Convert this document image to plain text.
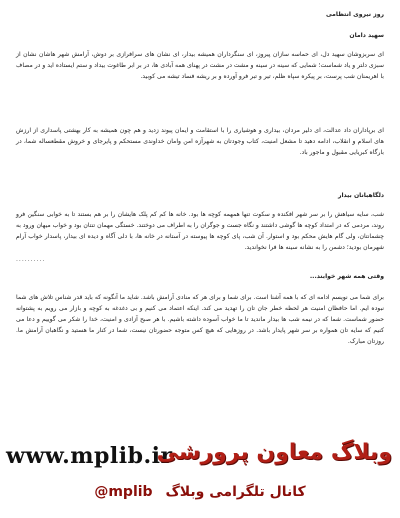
روز نیروی انتظامی
سهید دامان
ای سربزوشان سهید دل، ای حماسه سازان پیروز، ای سنگرداران همیشه بیدار، ای نشان های سرافرازی بر دوش، آرامش شهر هاشان نشان از سبزی دلتر و یاد شماست؛ شمایی که سینه در سینه و مشت در مشت در پهنای همه آبادی ها، در بر ابر طاغوت بیداد و ستم ایستاده اید و در مصاف با اهریمنان شب پرست، بر پیکره سپاه ظلم، تیر و تبر فرو آورده و بر ریشه فساد تیشه می کوبید.
ای برپاداران داد عدالت، ای دلیر مردان، بیداری و هوشیاری را با استقامت و ایمان پیوند زدید و هم چون همیشه به کار بهشتی پاسداری از ارزش های اسلام و انقلاب، ادامه دهید تا مشعل امنیت، کتاب وجودتان به شهرآزه امن وامان خداوندی مستحکم و پایرجای و خروش مقطعساله شما، در بارگاه کبریایی مقبول و ماجور باد.
دلگاهبانان بیدار
شب، سایه سیاهش را بر سر شهر افکنده و سکوت تنها همهمه کوچه ها بود. خانه ها کم کم پلک هایشان را بر هم بستند تا به خوابی سنگین فرو روند، مردمی که در امتداد کوچه ها گوشی داشتند و نگاه جست و جوگران را به اطراف می دوختند. خستگی مهمان تنتان بود و خواب میهان ورود به چشمانتان، ولی گام هایش محکم بود و استوار. آن شب، پای کوچه ها پیوسته در آستانه در خانه ها، با دلی آگاه و دیده ای بیدار، پاسدار خواب آرام شهرمان بودید؛ دشمن را به نشانه سینه ها فرا نخواندید.
..........
وقتی همه شهر خوابند...
برای شما می نویسم ادامه ای که با همه آشنا است. برای شما و برای هر که منادی آرامش باشد. شاید ما آنگونه که باید قدر شناس تلاش های شما نبوده ایم. اما حافظان امنیت هر لحظه خطر جان تان را تهدید می کند. اینکه اعتماد می کنیم و بی دغدغه به کوچه و بازار می رویم به پشتوانه حضور شماست. شما که در نیمه شب ها بیدار ماندید تا ما خواب آسوده داشته باشیم. با هر صبح آزادی و امنیت، خدا را شکر می گوییم و دعا می کنیم که سایه تان همواره بر سر شهر پایدار باشد. در روزهایی که هیچ کس متوجه حضورتان نیست، شما در کنار ما هستید و نگاهبان آرامش ما. روزتان مبارک.
www.mplib.ir
وبلاگ معاون پرورشی
@mplib کانال تلگرامی وبلاگ
